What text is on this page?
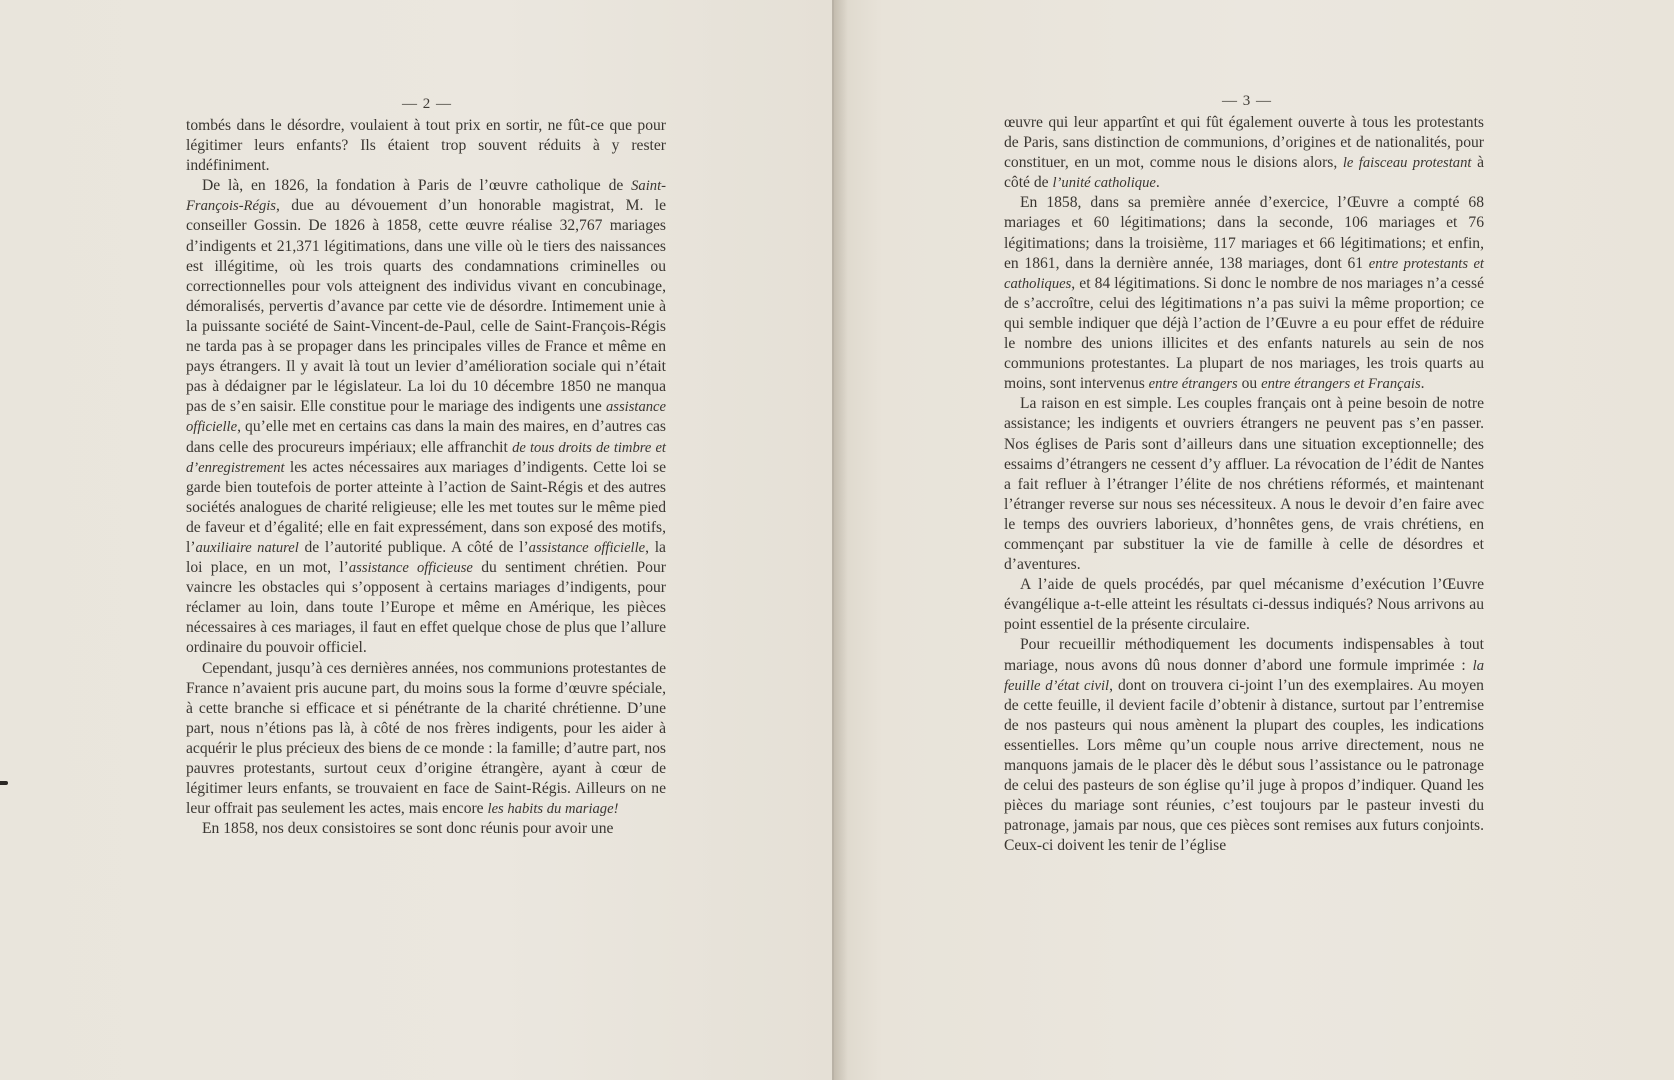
— 2 —

tombés dans le désordre, voulaient à tout prix en sortir, ne fût-ce que pour légitimer leurs enfants? Ils étaient trop souvent réduits à y rester indéfiniment.

De là, en 1826, la fondation à Paris de l’œuvre catholique de Saint-François-Régis, due au dévouement d’un honorable magistrat, M. le conseiller Gossin. De 1826 à 1858, cette œuvre réalise 32,767 mariages d’indigents et 21,371 légitimations, dans une ville où le tiers des naissances est illégitime, où les trois quarts des condamnations criminelles ou correctionnelles pour vols atteignent des individus vivant en concubinage, démoralisés, pervertis d’avance par cette vie de désordre. Intimement unie à la puissante société de Saint-Vincent-de-Paul, celle de Saint-François-Régis ne tarda pas à se propager dans les principales villes de France et même en pays étrangers. Il y avait là tout un levier d’amélioration sociale qui n’était pas à dédaigner par le législateur. La loi du 10 décembre 1850 ne manqua pas de s’en saisir. Elle constitue pour le mariage des indigents une assistance officielle, qu’elle met en certains cas dans la main des maires, en d’autres cas dans celle des procureurs impériaux; elle affranchit de tous droits de timbre et d’enregistrement les actes nécessaires aux mariages d’indigents. Cette loi se garde bien toutefois de porter atteinte à l’action de Saint-Régis et des autres sociétés analogues de charité religieuse; elle les met toutes sur le même pied de faveur et d’égalité; elle en fait expressément, dans son exposé des motifs, l’auxiliaire naturel de l’autorité publique. A côté de l’assistance officielle, la loi place, en un mot, l’assistance officieuse du sentiment chrétien. Pour vaincre les obstacles qui s’opposent à certains mariages d’indigents, pour réclamer au loin, dans toute l’Europe et même en Amérique, les pièces nécessaires à ces mariages, il faut en effet quelque chose de plus que l’allure ordinaire du pouvoir officiel.

Cependant, jusqu’à ces dernières années, nos communions protestantes de France n’avaient pris aucune part, du moins sous la forme d’œuvre spéciale, à cette branche si efficace et si pénétrante de la charité chrétienne. D’une part, nous n’étions pas là, à côté de nos frères indigents, pour les aider à acquérir le plus précieux des biens de ce monde : la famille; d’autre part, nos pauvres protestants, surtout ceux d’origine étrangère, ayant à cœur de légitimer leurs enfants, se trouvaient en face de Saint-Régis. Ailleurs on ne leur offrait pas seulement les actes, mais encore les habits du mariage!

En 1858, nos deux consistoires se sont donc réunis pour avoir une

— 3 —

œuvre qui leur appartînt et qui fût également ouverte à tous les protestants de Paris, sans distinction de communions, d’origines et de nationalités, pour constituer, en un mot, comme nous le disions alors, le faisceau protestant à côté de l’unité catholique.

En 1858, dans sa première année d’exercice, l’Œuvre a compté 68 mariages et 60 légitimations; dans la seconde, 106 mariages et 76 légitimations; dans la troisième, 117 mariages et 66 légitimations; et enfin, en 1861, dans la dernière année, 138 mariages, dont 61 entre protestants et catholiques, et 84 légitimations. Si donc le nombre de nos mariages n’a cessé de s’accroître, celui des légitimations n’a pas suivi la même proportion; ce qui semble indiquer que déjà l’action de l’Œuvre a eu pour effet de réduire le nombre des unions illicites et des enfants naturels au sein de nos communions protestantes. La plupart de nos mariages, les trois quarts au moins, sont intervenus entre étrangers ou entre étrangers et Français.

La raison en est simple. Les couples français ont à peine besoin de notre assistance; les indigents et ouvriers étrangers ne peuvent pas s’en passer. Nos églises de Paris sont d’ailleurs dans une situation exceptionnelle; des essaims d’étrangers ne cessent d’y affluer. La révocation de l’édit de Nantes a fait refluer à l’étranger l’élite de nos chrétiens réformés, et maintenant l’étranger reverse sur nous ses nécessiteux. A nous le devoir d’en faire avec le temps des ouvriers laborieux, d’honnêtes gens, de vrais chrétiens, en commençant par substituer la vie de famille à celle de désordres et d’aventures.

A l’aide de quels procédés, par quel mécanisme d’exécution l’Œuvre évangélique a-t-elle atteint les résultats ci-dessus indiqués? Nous arrivons au point essentiel de la présente circulaire.

Pour recueillir méthodiquement les documents indispensables à tout mariage, nous avons dû nous donner d’abord une formule imprimée : la feuille d’état civil, dont on trouvera ci-joint l’un des exemplaires. Au moyen de cette feuille, il devient facile d’obtenir à distance, surtout par l’entremise de nos pasteurs qui nous amènent la plupart des couples, les indications essentielles. Lors même qu’un couple nous arrive directement, nous ne manquons jamais de le placer dès le début sous l’assistance ou le patronage de celui des pasteurs de son église qu’il juge à propos d’indiquer. Quand les pièces du mariage sont réunies, c’est toujours par le pasteur investi du patronage, jamais par nous, que ces pièces sont remises aux futurs conjoints. Ceux-ci doivent les tenir de l’église
